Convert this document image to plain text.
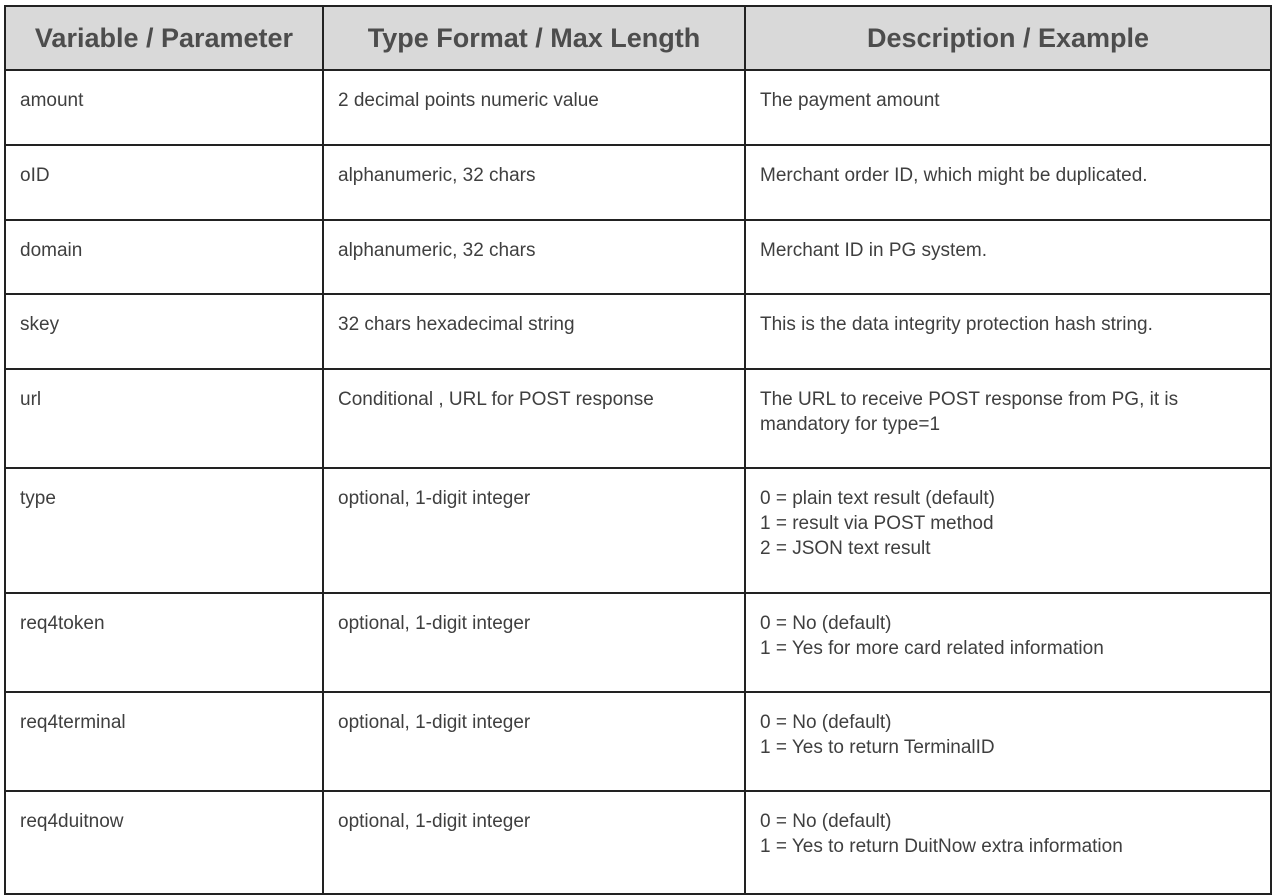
Variable / Parameter	Type Format / Max Length	Description / Example
amount	2 decimal points numeric value	The payment amount

oID	alphanumeric, 32 chars	Merchant order ID, which might be duplicated.

domain	alphanumeric, 32 chars	Merchant ID in PG system.

skey	32 chars hexadecimal string	This is the data integrity protection hash string.

url	Conditional , URL for POST response	The URL to receive POST response from PG, it is
mandatory for type=1

type	optional, 1-digit integer	0 = plain text result (default)
1 = result via POST method
2 = JSON text result

req4token	optional, 1-digit integer	0 = No (default)
1 = Yes for more card related information

req4terminal	optional, 1-digit integer	0 = No (default)
1 = Yes to return TerminalID

req4duitnow	optional, 1-digit integer	0 = No (default)
1 = Yes to return DuitNow extra information
